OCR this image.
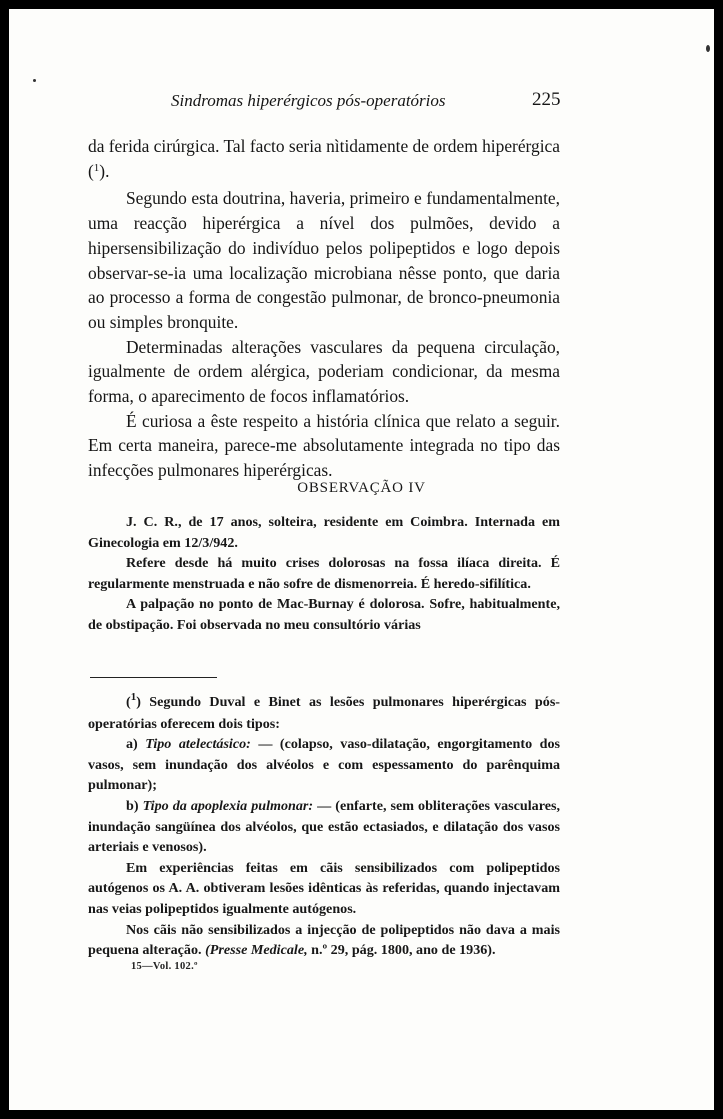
Sindromas hiperérgicos pós-operatórios	225

da ferida cirúrgica. Tal facto seria nìtidamente de ordem hiperérgica ($^1$).

Segundo esta doutrina, haveria, primeiro e fundamentalmente, uma reacção hiperérgica a nível dos pulmões, devido a hipersensibilização do indivíduo pelos polipeptidos e logo depois observar-se-ia uma localização microbiana nêsse ponto, que daria ao processo a forma de congestão pulmonar, de bronco-pneumonia ou simples bronquite.

Determinadas alterações vasculares da pequena circulação, igualmente de ordem alérgica, poderiam condicionar, da mesma forma, o aparecimento de focos inflamatórios.

É curiosa a êste respeito a história clínica que relato a seguir. Em certa maneira, parece-me absolutamente integrada no tipo das infecções pulmonares hiperérgicas.

OBSERVAÇÃO IV

J. C. R., de 17 anos, solteira, residente em Coimbra. Internada em Ginecologia em 12/3/942.

Refere desde há muito crises dolorosas na fossa ilíaca direita. É regularmente menstruada e não sofre de dismenorreia. É heredo-sifilítica.

A palpação no ponto de Mac-Burnay é dolorosa. Sofre, habitualmente, de obstipação. Foi observada no meu consultório várias

($^1$) Segundo Duval e Binet as lesões pulmonares hiperérgicas pós-operatórias oferecem dois tipos:

a) Tipo atelectásico: — (colapso, vaso-dilatação, engorgitamento dos vasos, sem inundação dos alvéolos e com espessamento do parênquima pulmonar);

b) Tipo da apoplexia pulmonar: — (enfarte, sem obliterações vasculares, inundação sangüínea dos alvéolos, que estão ectasiados, e dilatação dos vasos arteriais e venosos).

Em experiências feitas em cãis sensibilizados com polipeptidos autógenos os A. A. obtiveram lesões idênticas às referidas, quando injectavam nas veias polipeptidos igualmente autógenos.

Nos cãis não sensibilizados a injecção de polipeptidos não dava a mais pequena alteração. (Presse Medicale, n.º 29, pág. 1800, ano de 1936).

15—Vol. 102.º
